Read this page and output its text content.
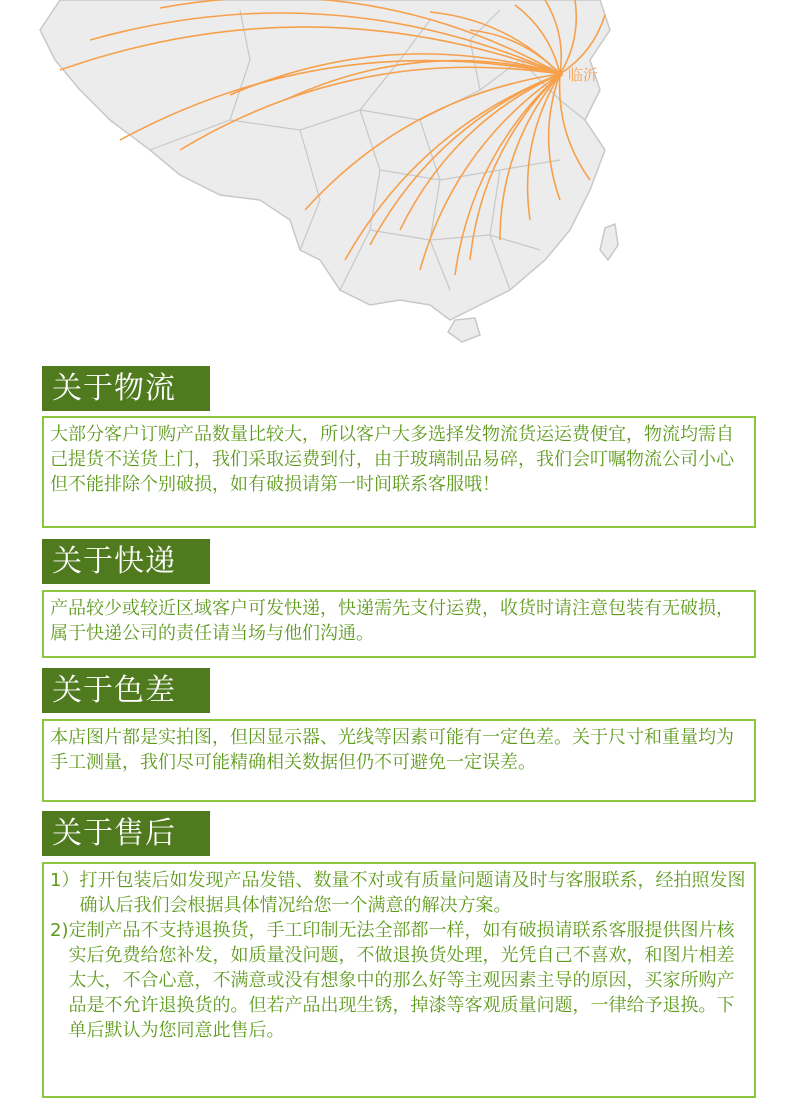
临沂
关于物流

大部分客户订购产品数量比较大，所以客户大多选择发物流货运运费便宜，物流均需自己提货不送货上门，我们采取运费到付，由于玻璃制品易碎，我们会叮嘱物流公司小心但不能排除个别破损，如有破损请第一时间联系客服哦！

关于快递

产品较少或较近区域客户可发快递，快递需先支付运费，收货时请注意包装有无破损，属于快递公司的责任请当场与他们沟通。

关于色差

本店图片都是实拍图，但因显示器、光线等因素可能有一定色差。关于尺寸和重量均为手工测量，我们尽可能精确相关数据但仍不可避免一定误差。

关于售后
1） 打开包装后如发现产品发错、数量不对或有质量问题请及时与客服联系，经拍照发图确认后我们会根据具体情况给您一个满意的解决方案。
2) 定制产品不支持退换货，手工印制无法全部都一样，如有破损请联系客服提供图片核实后免费给您补发，如质量没问题，不做退换货处理，光凭自己不喜欢，和图片相差太大，不合心意，不满意或没有想象中的那么好等主观因素主导的原因，买家所购产品是不允许退换货的。但若产品出现生锈，掉漆等客观质量问题，一律给予退换。下单后默认为您同意此售后。
